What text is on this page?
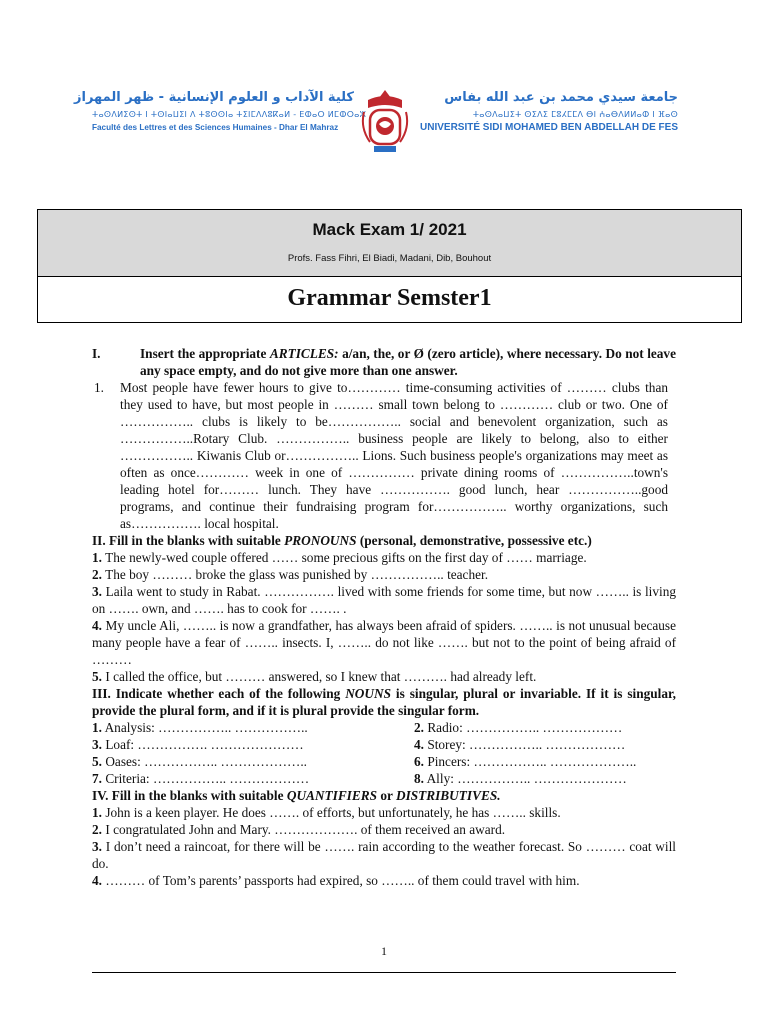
كلية الآداب و العلوم الإنسانية - ظهر المهراز
ⵜⴰⵙⴷⵍⵉⵙⵜ ⵏ ⵜⵙⵏⴰⵡⵉⵏ ⴷ ⵜⵓⵙⵙⵏⴰ ⵜⵉⵏⵎⴷⴷⵓⴽⴰⵍ - ⴹⵀⴰⵔ ⵍⵎⵀⵔⴰⵣ
Faculté des Lettres et des Sciences Humaines - Dhar El Mahraz
جامعة سيدي محمد بن عبد الله بفاس
ⵜⴰⵙⴷⴰⵡⵉⵜ ⵙⵉⴷⵉ ⵎⵓⵃⵎⵎⴷ ⴱⵏ ⵄⴰⴱⴷⵍⵍⴰⵀ ⵏ ⴼⴰⵙ
UNIVERSITÉ SIDI MOHAMED BEN ABDELLAH DE FES
Mack Exam 1/ 2021
Profs. Fass Fihri, El Biadi, Madani, Dib, Bouhout
Grammar Semster1
I.	Insert the appropriate ARTICLES: a/an, the, or Ø (zero article), where necessary. Do not leave any space empty, and do not give more than one answer.
1.	Most people have fewer hours to give to………… time-consuming activities of ……… clubs than they used to have, but most people in ……… small town belong to ………… club or two. One of …………….. clubs is likely to be…………….. social and benevolent organization, such as ……………..Rotary Club. …………….. business people are likely to belong, also to either …………….. Kiwanis Club or…………….. Lions. Such business people's organizations may meet as often as once………… week in one of …………… private dining rooms of ……………..town's leading hotel for……… lunch. They have ……………. good lunch, hear ……………..good programs, and continue their fundraising program for…………….. worthy organizations, such as……………. local hospital.
II. Fill in the blanks with suitable PRONOUNS (personal, demonstrative, possessive etc.)
1. The newly-wed couple offered …… some precious gifts on the first day of …… marriage.
2. The boy ……… broke the glass was punished by …………….. teacher.
3. Laila went to study in Rabat. ……………. lived with some friends for some time, but now …….. is living on ……. own, and ……. has to cook for ……. .
4. My uncle Ali, …….. is now a grandfather, has always been afraid of spiders. …….. is not unusual because many people have a fear of …….. insects. I, …….. do not like ……. but not to the point of being afraid of ………
5. I called the office, but ……… answered, so I knew that ………. had already left.
III. Indicate whether each of the following NOUNS is singular, plural or invariable. If it is singular, provide the plural form, and if it is plural provide the singular form.
1. Analysis: …………….. ……………..	2. Radio: …………….. ………………
3. Loaf: ……………. …………………	4. Storey: …………….. ………………
5. Oases: …………….. ………………..	6. Pincers: …………….. ………………..
7. Criteria: …………….. ………………	8. Ally: …………….. …………………
IV. Fill in the blanks with suitable QUANTIFIERS or DISTRIBUTIVES.
1. John is a keen player. He does ……. of efforts, but unfortunately, he has …….. skills.
2. I congratulated John and Mary. ………………. of them received an award.
3. I don’t need a raincoat, for there will be ……. rain according to the weather forecast. So ……… coat will do.
4. ……… of Tom’s parents’ passports had expired, so …….. of them could travel with him.
1
